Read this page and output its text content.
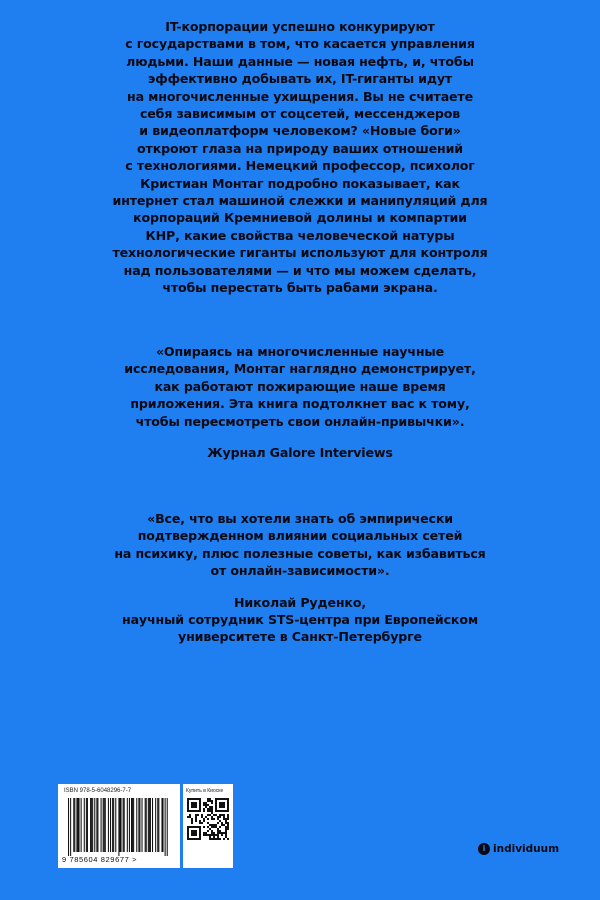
IT-корпорации успешно конкурируют
с государствами в том, что касается управления
людьми. Наши данные — новая нефть, и, чтобы
эффективно добывать их, IT-гиганты идут
на многочисленные ухищрения. Вы не считаете
себя зависимым от соцсетей, мессенджеров
и видеоплатформ человеком? «Новые боги»
откроют глаза на природу ваших отношений
с технологиями. Немецкий профессор, психолог
Кристиан Монтаг подробно показывает, как
интернет стал машиной слежки и манипуляций для
корпораций Кремниевой долины и компартии
КНР, какие свойства человеческой натуры
технологические гиганты используют для контроля
над пользователями — и что мы можем сделать,
чтобы перестать быть рабами экрана.
«Опираясь на многочисленные научные
исследования, Монтаг наглядно демонстрирует,
как работают пожирающие наше время
приложения. Эта книга подтолкнет вас к тому,
чтобы пересмотреть свои онлайн-привычки».
Журнал Galore Interviews
«Все, что вы хотели знать об эмпирически
подтвержденном влиянии социальных сетей
на психику, плюс полезные советы, как избавиться
от онлайн-зависимости».
Николай Руденко,
научный сотрудник STS-центра при Европейском
университете в Санкт-Петербурге
ISBN 978-5-6048296-7-7
9 785604 829677 >
Купить в Киоске
i individuum
